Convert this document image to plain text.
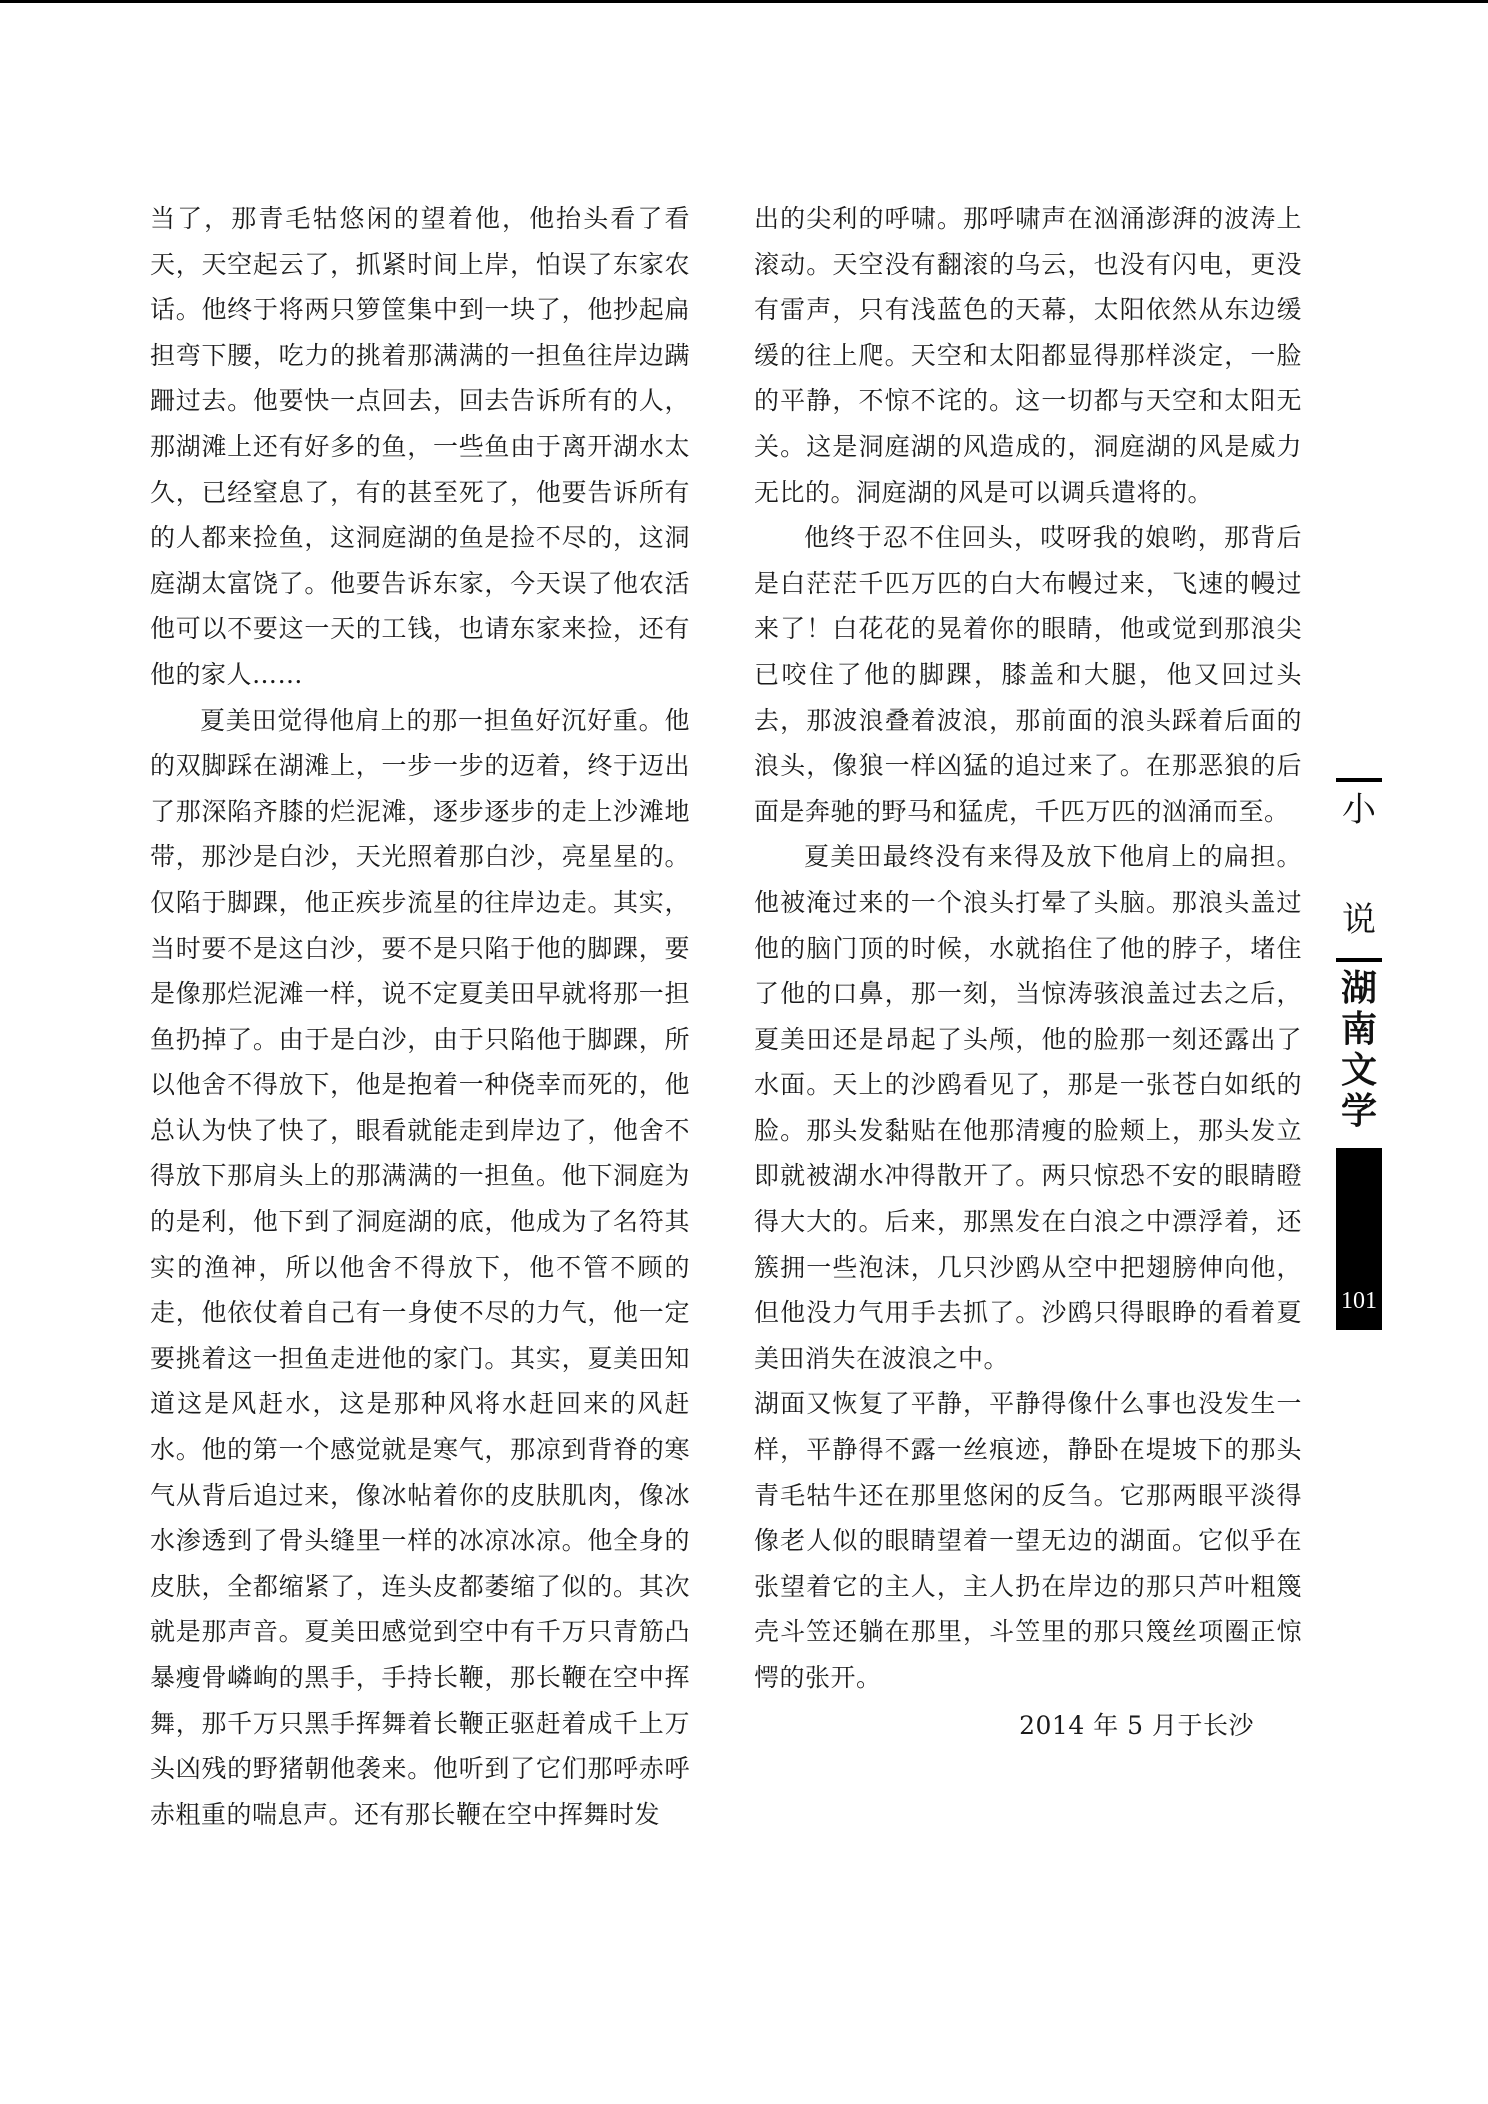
当了，那青毛牯悠闲的望着他，他抬头看了看天，天空起云了，抓紧时间上岸，怕误了东家农话。他终于将两只箩筐集中到一块了，他抄起扁担弯下腰，吃力的挑着那满满的一担鱼往岸边蹒跚过去。他要快一点回去，回去告诉所有的人，那湖滩上还有好多的鱼，一些鱼由于离开湖水太久，已经窒息了，有的甚至死了，他要告诉所有的人都来捡鱼，这洞庭湖的鱼是捡不尽的，这洞庭湖太富饶了。他要告诉东家，今天误了他农活他可以不要这一天的工钱，也请东家来捡，还有他的家人……

夏美田觉得他肩上的那一担鱼好沉好重。他的双脚踩在湖滩上，一步一步的迈着，终于迈出了那深陷齐膝的烂泥滩，逐步逐步的走上沙滩地带，那沙是白沙，天光照着那白沙，亮星星的。仅陷于脚踝，他正疾步流星的往岸边走。其实，当时要不是这白沙，要不是只陷于他的脚踝，要是像那烂泥滩一样，说不定夏美田早就将那一担鱼扔掉了。由于是白沙，由于只陷他于脚踝，所以他舍不得放下，他是抱着一种侥幸而死的，他总认为快了快了，眼看就能走到岸边了，他舍不得放下那肩头上的那满满的一担鱼。他下洞庭为的是利，他下到了洞庭湖的底，他成为了名符其实的渔神，所以他舍不得放下，他不管不顾的走，他依仗着自己有一身使不尽的力气，他一定要挑着这一担鱼走进他的家门。其实，夏美田知道这是风赶水，这是那种风将水赶回来的风赶水。他的第一个感觉就是寒气，那凉到背脊的寒气从背后追过来，像冰帖着你的皮肤肌肉，像冰水渗透到了骨头缝里一样的冰凉冰凉。他全身的皮肤，全都缩紧了，连头皮都萎缩了似的。其次就是那声音。夏美田感觉到空中有千万只青筋凸暴瘦骨嶙峋的黑手，手持长鞭，那长鞭在空中挥舞，那千万只黑手挥舞着长鞭正驱赶着成千上万头凶残的野猪朝他袭来。他听到了它们那呼赤呼赤粗重的喘息声。还有那长鞭在空中挥舞时发

出的尖利的呼啸。那呼啸声在汹涌澎湃的波涛上滚动。天空没有翻滚的乌云，也没有闪电，更没有雷声，只有浅蓝色的天幕，太阳依然从东边缓缓的往上爬。天空和太阳都显得那样淡定，一脸的平静，不惊不诧的。这一切都与天空和太阳无关。这是洞庭湖的风造成的，洞庭湖的风是威力无比的。洞庭湖的风是可以调兵遣将的。

他终于忍不住回头，哎呀我的娘哟，那背后是白茫茫千匹万匹的白大布幔过来，飞速的幔过来了！白花花的晃着你的眼睛，他或觉到那浪尖已咬住了他的脚踝，膝盖和大腿，他又回过头去，那波浪叠着波浪，那前面的浪头踩着后面的浪头，像狼一样凶猛的追过来了。在那恶狼的后面是奔驰的野马和猛虎，千匹万匹的汹涌而至。

夏美田最终没有来得及放下他肩上的扁担。他被淹过来的一个浪头打晕了头脑。那浪头盖过他的脑门顶的时候，水就掐住了他的脖子，堵住了他的口鼻，那一刻，当惊涛骇浪盖过去之后，夏美田还是昂起了头颅，他的脸那一刻还露出了水面。天上的沙鸥看见了，那是一张苍白如纸的脸。那头发黏贴在他那清瘦的脸颊上，那头发立即就被湖水冲得散开了。两只惊恐不安的眼睛瞪得大大的。后来，那黑发在白浪之中漂浮着，还簇拥一些泡沫，几只沙鸥从空中把翅膀伸向他，但他没力气用手去抓了。沙鸥只得眼睁的看着夏美田消失在波浪之中。

湖面又恢复了平静，平静得像什么事也没发生一样，平静得不露一丝痕迹，静卧在堤坡下的那头青毛牯牛还在那里悠闲的反刍。它那两眼平淡得像老人似的眼睛望着一望无边的湖面。它似乎在张望着它的主人，主人扔在岸边的那只芦叶粗篾壳斗笠还躺在那里，斗笠里的那只篾丝项圈正惊愕的张开。

2014 年 5 月于长沙

小
说
湖
南
文
学
101
